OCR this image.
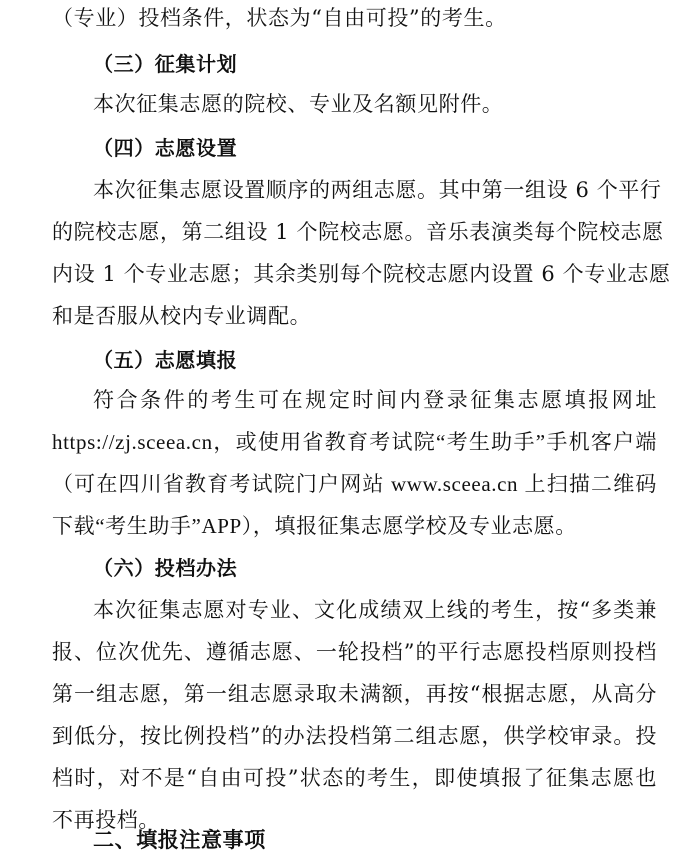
（专业）投档条件，状态为“自由可投”的考生。
（三）征集计划
本次征集志愿的院校、专业及名额见附件。
（四）志愿设置
本次征集志愿设置顺序的两组志愿。其中第一组设 6 个平行
的院校志愿，第二组设 1 个院校志愿。音乐表演类每个院校志愿
内设 1 个专业志愿；其余类别每个院校志愿内设置 6 个专业志愿
和是否服从校内专业调配。
（五）志愿填报
符合条件的考生可在规定时间内登录征集志愿填报网址
https://zj.sceea.cn，或使用省教育考试院“考生助手”手机客户端
（可在四川省教育考试院门户网站 www.sceea.cn 上扫描二维码
下载“考生助手”APP），填报征集志愿学校及专业志愿。
（六）投档办法
本次征集志愿对专业、文化成绩双上线的考生，按“多类兼
报、位次优先、遵循志愿、一轮投档”的平行志愿投档原则投档
第一组志愿，第一组志愿录取未满额，再按“根据志愿，从高分
到低分，按比例投档”的办法投档第二组志愿，供学校审录。投
档时，对不是“自由可投”状态的考生，即使填报了征集志愿也
不再投档。
二、填报注意事项
